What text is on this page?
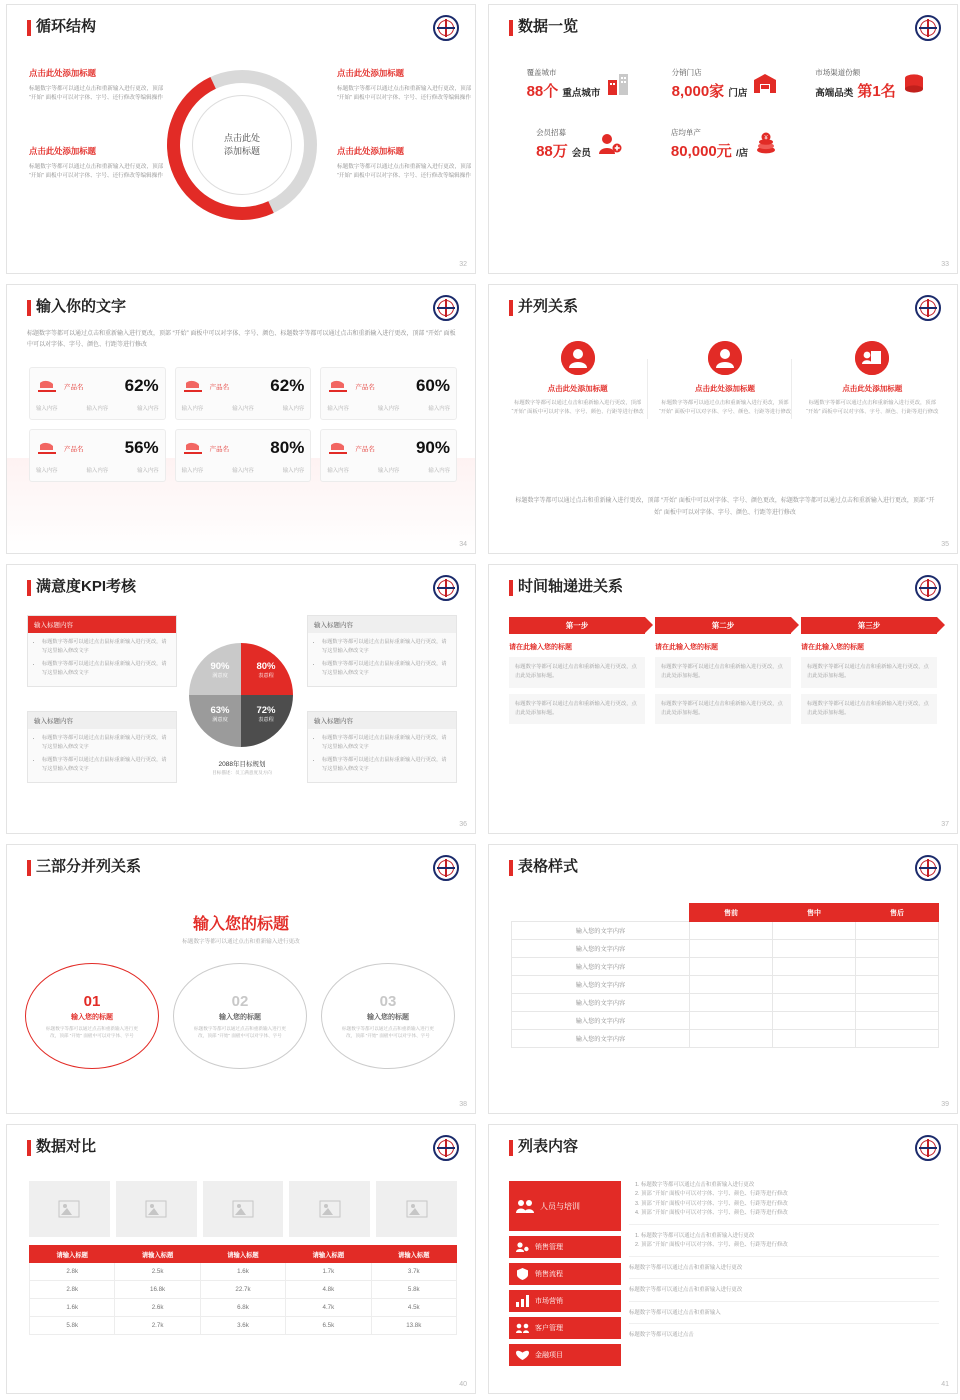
循环结构
点击此处
添加标题
点击此处添加标题
标题数字等都可以通过点击和重新输入进行更改，顶部 “开始” 面板中可以对字体、字号、还行修改等编辑操作
点击此处添加标题
标题数字等都可以通过点击和重新输入进行更改，顶部 “开始” 面板中可以对字体、字号、还行修改等编辑操作
点击此处添加标题
标题数字等都可以通过点击和重新输入进行更改，顶部 “开始” 面板中可以对字体、字号、还行修改等编辑操作
点击此处添加标题
标题数字等都可以通过点击和重新输入进行更改，顶部 “开始” 面板中可以对字体、字号、还行修改等编辑操作
32
数据一览
覆盖城市
88个 重点城市
分销门店
8,000家 门店
市场渠道份额
高端品类 第1名
会员招募
88万 会员
店均单产
80,000元 /店
¥
33
输入你的文字
标题数字等都可以通过点击和重新输入进行更改，顶部 “开始” 面板中可以对字体、字号、颜色、标题数字等都可以通过点击和重新输入进行更改，顶部 “开始” 面板中可以对字体、字号、颜色、行距等进行修改
产品名 62%
输入内容	输入内容	输入内容
产品名 62%
输入内容	输入内容	输入内容
产品名 60%
输入内容	输入内容	输入内容
产品名 56%
输入内容	输入内容	输入内容
产品名 80%
输入内容	输入内容	输入内容
产品名 90%
输入内容	输入内容	输入内容
34
并列关系
点击此处添加标题
标题数字等都可以通过点击和重新输入进行更改，顶部 “开始” 面板中可以对字体、字号、颜色、行距等进行修改
点击此处添加标题
标题数字等都可以通过点击和重新输入进行更改，顶部 “开始” 面板中可以对字体、字号、颜色、行距等进行修改
点击此处添加标题
标题数字等都可以通过点击和重新输入进行更改，顶部 “开始” 面板中可以对字体、字号、颜色、行距等进行修改
标题数字等都可以通过点击和重新输入进行更改，顶部 “开始” 面板中可以对字体、字号、颜色更改，标题数字等都可以通过点击和重新输入进行更改，顶部 “开始” 面板中可以对字体、字号、颜色、行距等进行修改
35
满意度KPI考核
输入标题内容
• 标题数字等都可以通过点击鼠标重新输入进行更改，请写这里输入修改文字
• 标题数字等都可以通过点击鼠标重新输入进行更改，请写这里输入修改文字
输入标题内容
• 标题数字等都可以通过点击鼠标重新输入进行更改，请写这里输入修改文字
• 标题数字等都可以通过点击鼠标重新输入进行更改，请写这里输入修改文字
输入标题内容
• 标题数字等都可以通过点击鼠标重新输入进行更改，请写这里输入修改文字
• 标题数字等都可以通过点击鼠标重新输入进行更改，请写这里输入修改文字
输入标题内容
• 标题数字等都可以通过点击鼠标重新输入进行更改，请写这里输入修改文字
• 标题数字等都可以通过点击鼠标重新输入进行更改，请写这里输入修改文字
90%
满意度
80%
表意程
63%
满意度
72%
表意程
2088年目标规划
目标描述：员工满意度及方向
36
时间轴递进关系
第一步
请在此输入您的标题
标题数字等都可以通过点击和重新输入进行更改，点击此处添加标题。
标题数字等都可以通过点击和重新输入进行更改，点击此处添加标题。
第二步
请在此输入您的标题
标题数字等都可以通过点击和重新输入进行更改，点击此处添加标题。
标题数字等都可以通过点击和重新输入进行更改，点击此处添加标题。
第三步
请在此输入您的标题
标题数字等都可以通过点击和重新输入进行更改，点击此处添加标题。
标题数字等都可以通过点击和重新输入进行更改，点击此处添加标题。
37
三部分并列关系
输入您的标题
标题数字等都可以通过点击和重新输入进行更改
01
输入您的标题
标题数字等都可以通过点击和重新输入进行更改，顶部 “开始” 面板中可以对字体、字号
02
输入您的标题
标题数字等都可以通过点击和重新输入进行更改，顶部 “开始” 面板中可以对字体、字号
03
输入您的标题
标题数字等都可以通过点击和重新输入进行更改，顶部 “开始” 面板中可以对字体、字号
38
表格样式
	售前	售中	售后
输入您的文字内容			
输入您的文字内容			
输入您的文字内容			
输入您的文字内容			
输入您的文字内容			
输入您的文字内容			
输入您的文字内容			
39
数据对比
请输入标题	请输入标题	请输入标题	请输入标题	请输入标题
2.8k	2.5k	1.6k	1.7k	3.7k
2.8k	16.8k	22.7k	4.8k	5.8k
1.6k	2.6k	6.8k	4.7k	4.5k
5.8k	2.7k	3.6k	6.5k	13.8k
40
列表内容
人员与培训
销售管理
销售流程
市场营销
客户管理
金融项目
1. 标题数字等都可以通过点击和重新输入进行更改
2. 顶部 “开始” 面板中可以对字体、字号、颜色、行距等进行修改
3. 顶部 “开始” 面板中可以对字体、字号、颜色、行距等进行修改
4. 顶部 “开始” 面板中可以对字体、字号、颜色、行距等进行修改
1. 标题数字等都可以通过点击和重新输入进行更改
2. 顶部 “开始” 面板中可以对字体、字号、颜色、行距等进行修改
标题数字等都可以通过点击和重新输入进行更改
标题数字等都可以通过点击和重新输入进行更改
标题数字等都可以通过点击和重新输入
标题数字等都可以通过点击
41
